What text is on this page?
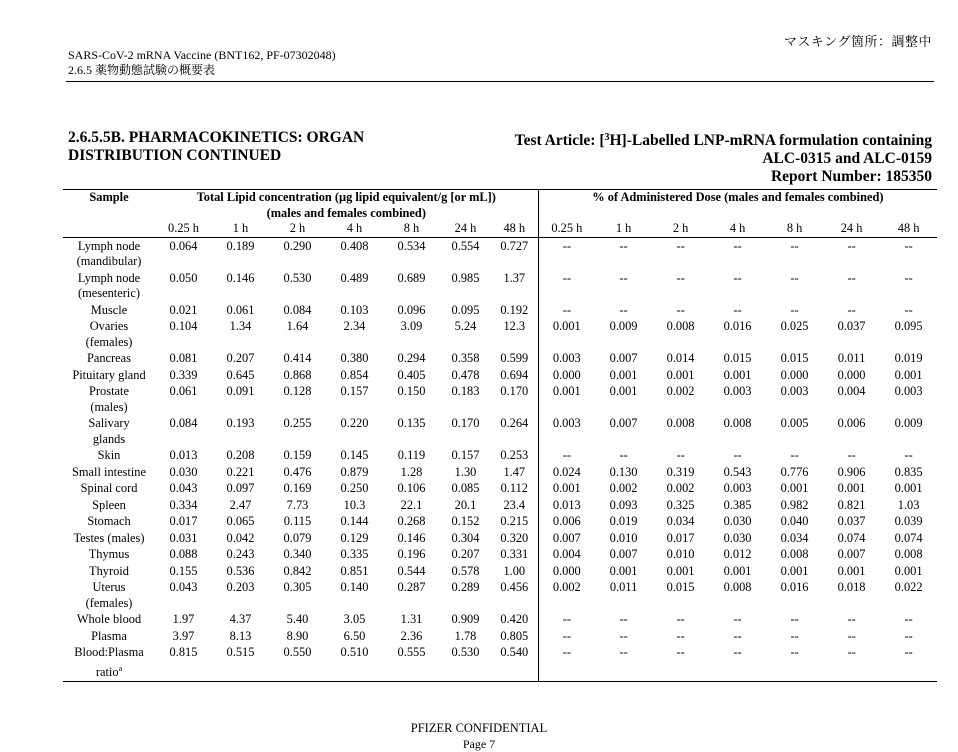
マスキング箇所：調整中
SARS-CoV-2 mRNA Vaccine (BNT162, PF-07302048)
2.6.5 薬物動態試験の概要表
2.6.5.5B. PHARMACOKINETICS: ORGAN
DISTRIBUTION CONTINUED
Test Article: [$^3$H]-Labelled LNP-mRNA formulation containing
ALC-0315 and ALC-0159
Report Number: 185350
Sample	Total Lipid concentration (μg lipid equivalent/g [or mL])
(males and females combined)							% of Administered Dose (males and females combined)						
	0.25 h	1 h	2 h	4 h	8 h	24 h	48 h	0.25 h	1 h	2 h	4 h	8 h	24 h	48 h

Lymph node
(mandibular)	0.064	0.189	0.290	0.408	0.534	0.554	0.727	--	--	--	--	--	--	--

Lymph node
(mesenteric)	0.050	0.146	0.530	0.489	0.689	0.985	1.37	--	--	--	--	--	--	--

Muscle	0.021	0.061	0.084	0.103	0.096	0.095	0.192	--	--	--	--	--	--	--

Ovaries
(females)	0.104	1.34	1.64	2.34	3.09	5.24	12.3	0.001	0.009	0.008	0.016	0.025	0.037	0.095

Pancreas	0.081	0.207	0.414	0.380	0.294	0.358	0.599	0.003	0.007	0.014	0.015	0.015	0.011	0.019

Pituitary gland	0.339	0.645	0.868	0.854	0.405	0.478	0.694	0.000	0.001	0.001	0.001	0.000	0.000	0.001

Prostate
(males)	0.061	0.091	0.128	0.157	0.150	0.183	0.170	0.001	0.001	0.002	0.003	0.003	0.004	0.003

Salivary
glands	0.084	0.193	0.255	0.220	0.135	0.170	0.264	0.003	0.007	0.008	0.008	0.005	0.006	0.009

Skin	0.013	0.208	0.159	0.145	0.119	0.157	0.253	--	--	--	--	--	--	--

Small intestine	0.030	0.221	0.476	0.879	1.28	1.30	1.47	0.024	0.130	0.319	0.543	0.776	0.906	0.835

Spinal cord	0.043	0.097	0.169	0.250	0.106	0.085	0.112	0.001	0.002	0.002	0.003	0.001	0.001	0.001

Spleen	0.334	2.47	7.73	10.3	22.1	20.1	23.4	0.013	0.093	0.325	0.385	0.982	0.821	1.03

Stomach	0.017	0.065	0.115	0.144	0.268	0.152	0.215	0.006	0.019	0.034	0.030	0.040	0.037	0.039

Testes (males)	0.031	0.042	0.079	0.129	0.146	0.304	0.320	0.007	0.010	0.017	0.030	0.034	0.074	0.074

Thymus	0.088	0.243	0.340	0.335	0.196	0.207	0.331	0.004	0.007	0.010	0.012	0.008	0.007	0.008

Thyroid	0.155	0.536	0.842	0.851	0.544	0.578	1.00	0.000	0.001	0.001	0.001	0.001	0.001	0.001

Uterus
(females)	0.043	0.203	0.305	0.140	0.287	0.289	0.456	0.002	0.011	0.015	0.008	0.016	0.018	0.022

Whole blood	1.97	4.37	5.40	3.05	1.31	0.909	0.420	--	--	--	--	--	--	--

Plasma	3.97	8.13	8.90	6.50	2.36	1.78	0.805	--	--	--	--	--	--	--

Blood:Plasma
ratio$^a$	0.815	0.515	0.550	0.510	0.555	0.530	0.540	--	--	--	--	--	--	--
PFIZER CONFIDENTIAL
Page 7
